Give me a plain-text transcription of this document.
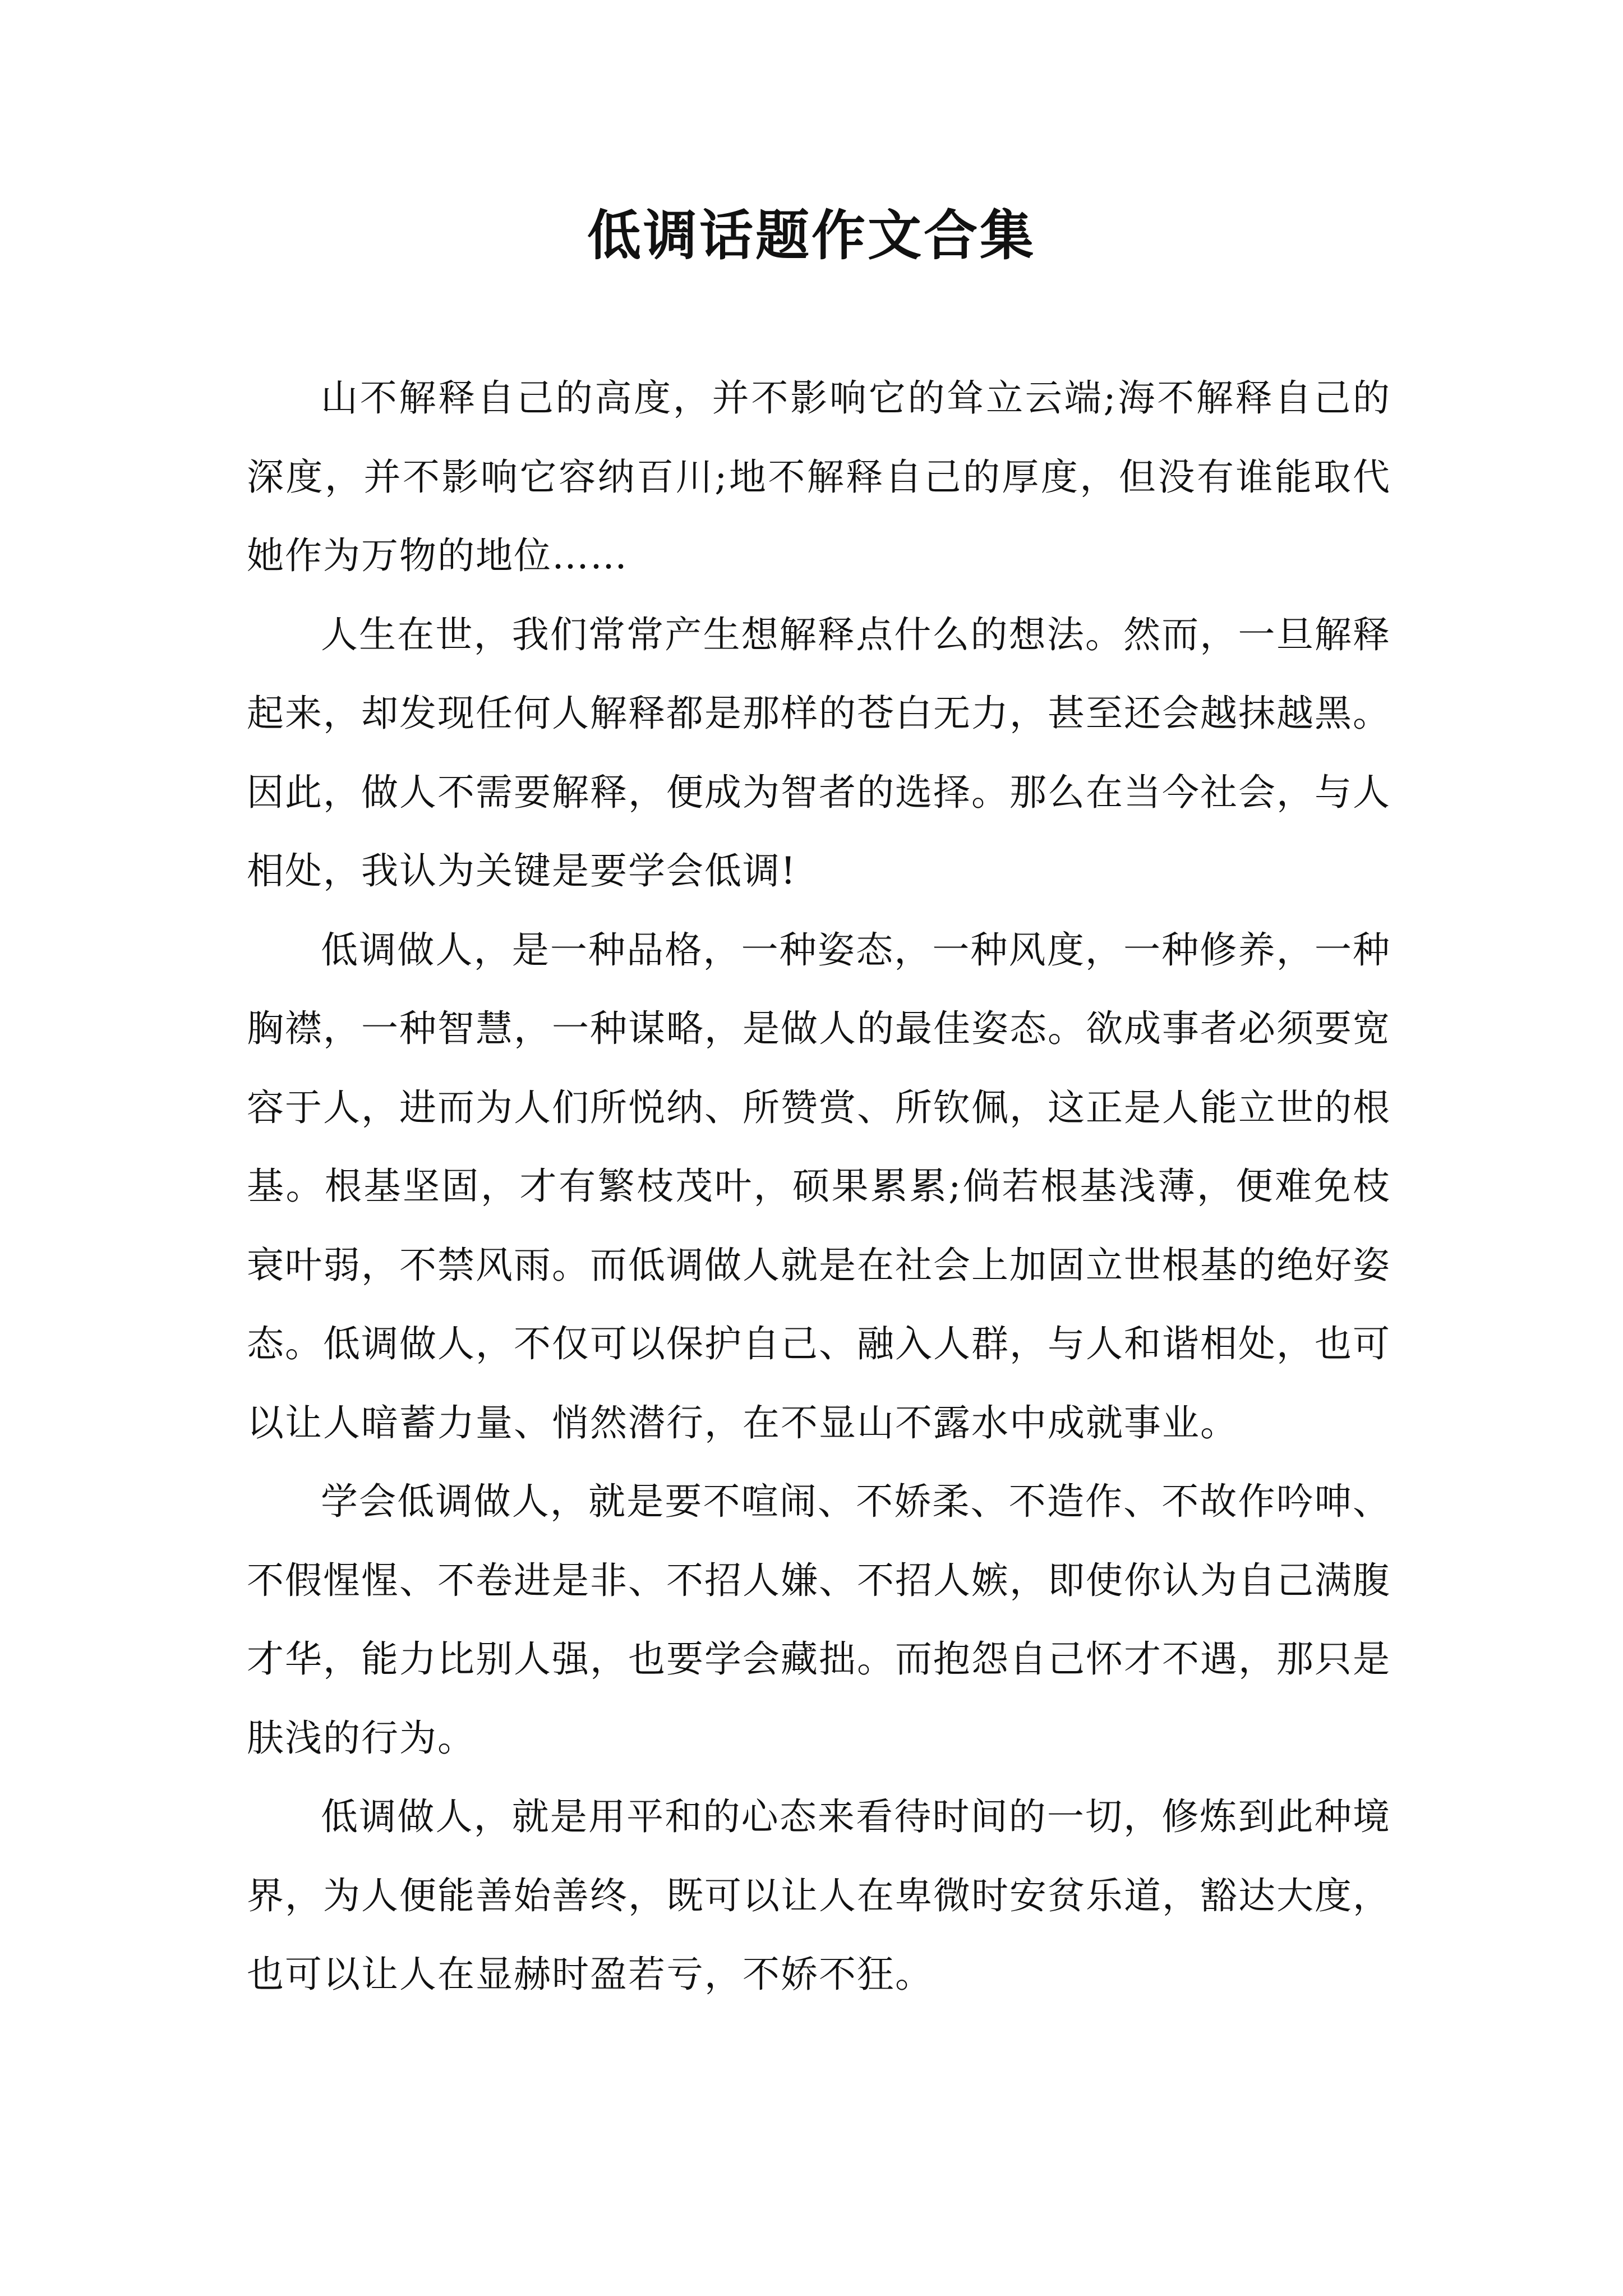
低调话题作文合集

山不解释自己的高度，并不影响它的耸立云端;海不解释自己的深度，并不影响它容纳百川;地不解释自己的厚度，但没有谁能取代她作为万物的地位……

人生在世，我们常常产生想解释点什么的想法。然而，一旦解释起来，却发现任何人解释都是那样的苍白无力，甚至还会越抹越黑。因此，做人不需要解释，便成为智者的选择。那么在当今社会，与人相处，我认为关键是要学会低调!

低调做人，是一种品格，一种姿态，一种风度，一种修养，一种胸襟，一种智慧，一种谋略，是做人的最佳姿态。欲成事者必须要宽容于人，进而为人们所悦纳、所赞赏、所钦佩，这正是人能立世的根基。根基坚固，才有繁枝茂叶，硕果累累;倘若根基浅薄，便难免枝衰叶弱，不禁风雨。而低调做人就是在社会上加固立世根基的绝好姿态。低调做人，不仅可以保护自己、融入人群，与人和谐相处，也可以让人暗蓄力量、悄然潜行，在不显山不露水中成就事业。

学会低调做人，就是要不喧闹、不娇柔、不造作、不故作吟呻、不假惺惺、不卷进是非、不招人嫌、不招人嫉，即使你认为自己满腹才华，能力比别人强，也要学会藏拙。而抱怨自己怀才不遇，那只是肤浅的行为。

低调做人，就是用平和的心态来看待时间的一切，修炼到此种境界，为人便能善始善终，既可以让人在卑微时安贫乐道，豁达大度，也可以让人在显赫时盈若亏，不娇不狂。
